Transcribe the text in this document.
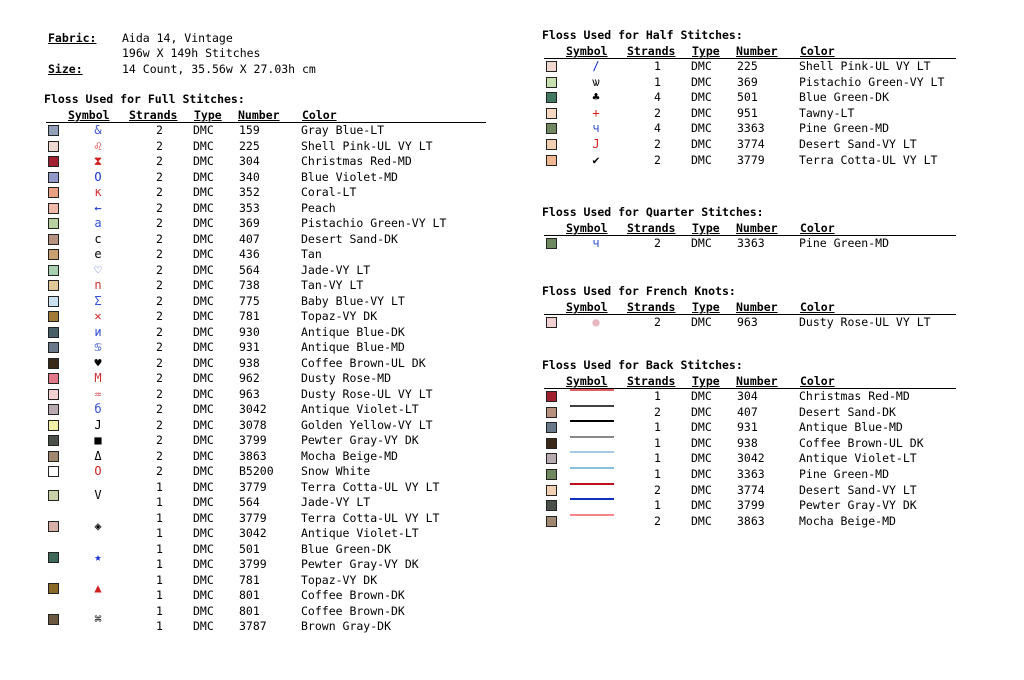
Fabric: Aida 14, Vintage
196w X 149h Stitches
Size:	14 Count, 35.56w X 27.03h cm
Floss Used for Full Stitches:
Symbol Strands Type Number Color
&	2	DMC 159	Gray Blue-LT
♌	2	DMC 225	Shell Pink-UL VY LT
⧗	2	DMC 304	Christmas Red-MD
O	2	DMC 340	Blue Violet-MD
к	2	DMC 352	Coral-LT
←	2	DMC 353	Peach
a	2	DMC 369	Pistachio Green-VY LT
c	2	DMC 407	Desert Sand-DK
e	2	DMC 436	Tan
♡	2	DMC 564	Jade-VY LT
n	2	DMC 738	Tan-VY LT
Σ	2	DMC 775	Baby Blue-VY LT
✕	2	DMC 781	Topaz-VY DK
и	2	DMC 930	Antique Blue-DK
♋	2	DMC 931	Antique Blue-MD
♥	2	DMC 938	Coffee Brown-UL DK
M	2	DMC 962	Dusty Rose-MD
♒	2	DMC 963	Dusty Rose-UL VY LT
б	2	DMC 3042	Antique Violet-LT
J	2	DMC 3078	Golden Yellow-VY LT
■	2	DMC 3799	Pewter Gray-VY DK
Δ	2	DMC 3863	Mocha Beige-MD
O	2	DMC B5200 Snow White
V
1	DMC 3779	Terra Cotta-UL VY LT
1	DMC 564	Jade-VY LT
◈
1	DMC 3779	Terra Cotta-UL VY LT
1	DMC 3042	Antique Violet-LT
★
1	DMC 501	Blue Green-DK
1	DMC 3799	Pewter Gray-VY DK
▲
1	DMC 781	Topaz-VY DK
1	DMC 801	Coffee Brown-DK
⌘
1	DMC 801	Coffee Brown-DK
1	DMC 3787	Brown Gray-DK
Floss Used for Half Stitches:
Symbol Strands Type Number Color
/	1	DMC 225	Shell Pink-UL VY LT
ѡ	1	DMC 369	Pistachio Green-VY LT
♣	4	DMC 501	Blue Green-DK
+	2	DMC 951	Tawny-LT
ч	4	DMC 3363	Pine Green-MD
J	2	DMC 3774	Desert Sand-VY LT
✔	2	DMC 3779	Terra Cotta-UL VY LT
Floss Used for Quarter Stitches:
Symbol Strands Type Number Color
ч	2	DMC 3363	Pine Green-MD
Floss Used for French Knots:
Symbol Strands Type Number Color
●	2	DMC 963	Dusty Rose-UL VY LT
Floss Used for Back Stitches:
Symbol Strands Type Number Color
1	DMC 304	Christmas Red-MD
2	DMC 407	Desert Sand-DK
1	DMC 931	Antique Blue-MD
1	DMC 938	Coffee Brown-UL DK
1	DMC 3042	Antique Violet-LT
1	DMC 3363	Pine Green-MD
2	DMC 3774	Desert Sand-VY LT
1	DMC 3799	Pewter Gray-VY DK
2	DMC 3863	Mocha Beige-MD
